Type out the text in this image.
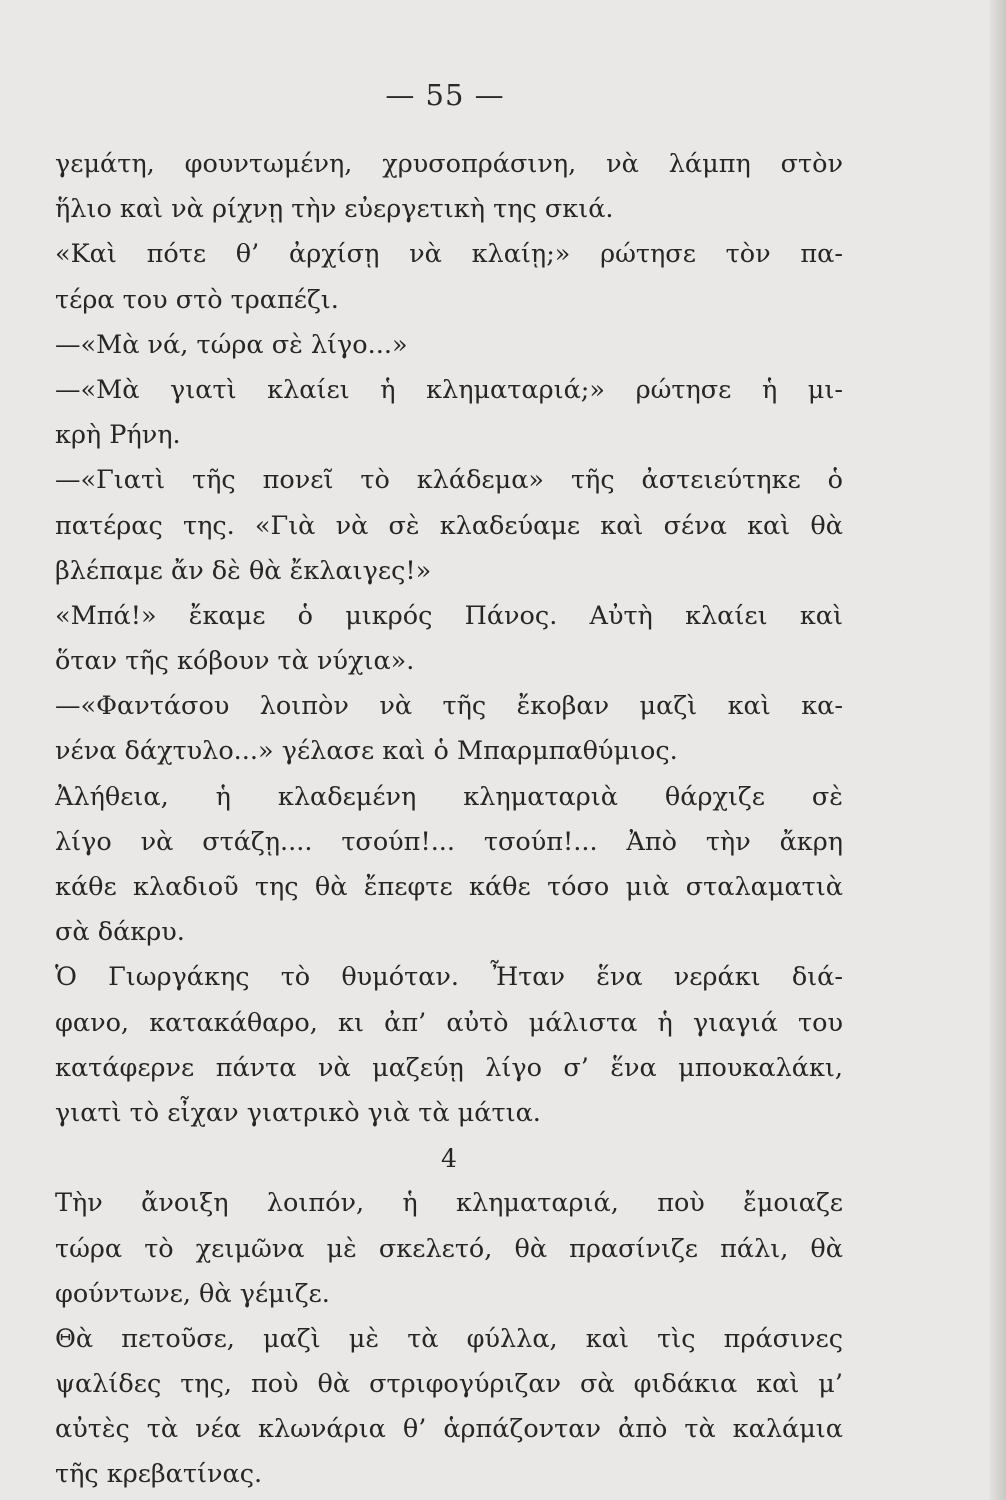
— 55 —
γεμάτη, φουντωμένη, χρυσοπράσινη, νὰ λάμπη στὸν
ἥλιο καὶ νὰ ρίχνῃ τὴν εὐεργετικὴ της σκιά.
«Καὶ πότε θ’ ἀρχίσῃ νὰ κλαίῃ;» ρώτησε τὸν πα-
τέρα του στὸ τραπέζι.
—«Μὰ νά, τώρα σὲ λίγο...»
—«Μὰ γιατὶ κλαίει ἡ κληματαριά;» ρώτησε ἡ μι-
κρὴ Ρήνη.
—«Γιατὶ τῆς πονεῖ τὸ κλάδεμα» τῆς ἀστειεύτηκε ὁ
πατέρας της. «Γιὰ νὰ σὲ κλαδεύαμε καὶ σένα καὶ θὰ
βλέπαμε ἄν δὲ θὰ ἔκλαιγες!»
«Μπά!» ἔκαμε ὁ μικρός Πάνος. Αὐτὴ κλαίει καὶ
ὅταν τῆς κόβουν τὰ νύχια».
—«Φαντάσου λοιπὸν νὰ τῆς ἔκοβαν μαζὶ καὶ κα-
νένα δάχτυλο...» γέλασε καὶ ὁ Μπαρμπαθύμιος.
Ἀλήθεια, ἡ κλαδεμένη κληματαριὰ θάρχιζε σὲ
λίγο νὰ στάζῃ.... τσούπ!... τσούπ!... Ἀπὸ τὴν ἄκρη
κάθε κλαδιοῦ της θὰ ἔπεφτε κάθε τόσο μιὰ σταλαματιὰ
σὰ δάκρυ.
Ὁ Γιωργάκης τὸ θυμόταν. Ἦταν ἕνα νεράκι διά-
φανο, κατακάθαρο, κι ἀπ’ αὐτὸ μάλιστα ἡ γιαγιά του
κατάφερνε πάντα νὰ μαζεύῃ λίγο σ’ ἕνα μπουκαλάκι,
γιατὶ τὸ εἶχαν γιατρικὸ γιὰ τὰ μάτια.
4
Τὴν ἄνοιξη λοιπόν, ἡ κληματαριά, ποὺ ἔμοιαζε
τώρα τὸ χειμῶνα μὲ σκελετό, θὰ πρασίνιζε πάλι, θὰ
φούντωνε, θὰ γέμιζε.
Θὰ πετοῦσε, μαζὶ μὲ τὰ φύλλα, καὶ τὶς πράσινες
ψαλίδες της, ποὺ θὰ στριφογύριζαν σὰ φιδάκια καὶ μ’
αὐτὲς τὰ νέα κλωνάρια θ’ ἁρπάζονταν ἀπὸ τὰ καλάμια
τῆς κρεβατίνας.
